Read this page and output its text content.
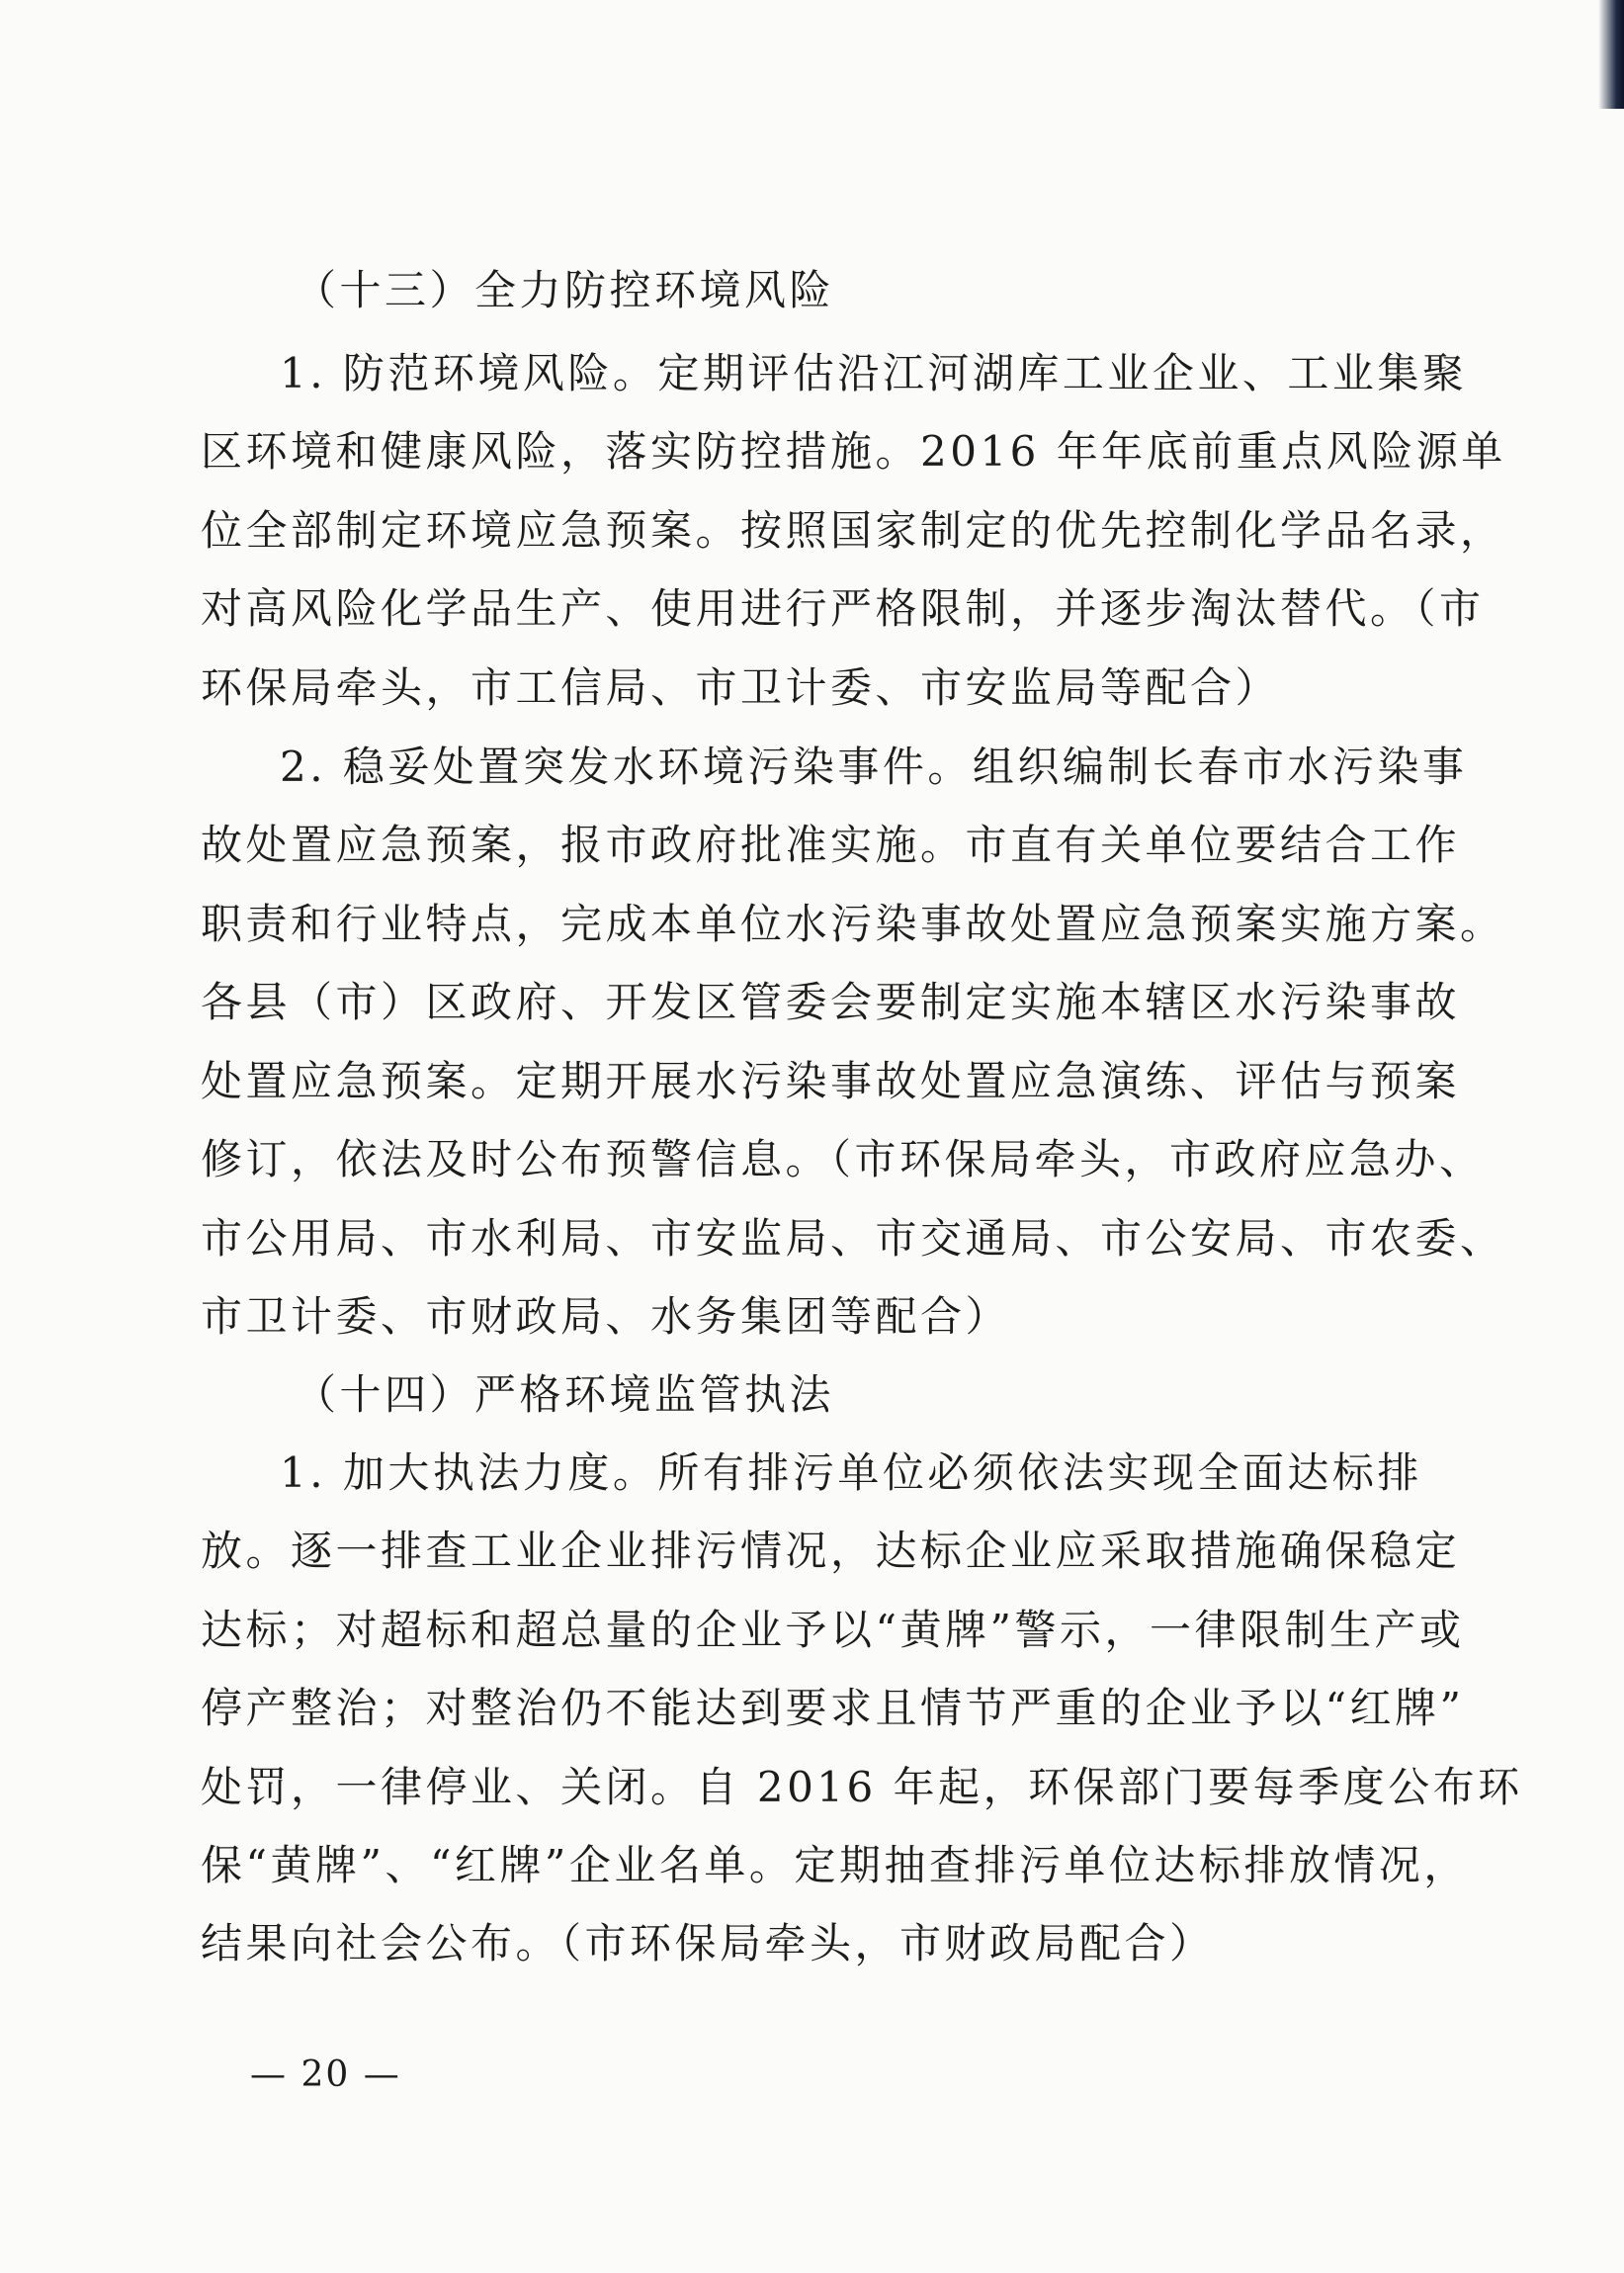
（十三）全力防控环境风险
1. 防范环境风险。定期评估沿江河湖库工业企业、工业集聚
区环境和健康风险，落实防控措施。2016 年年底前重点风险源单
位全部制定环境应急预案。按照国家制定的优先控制化学品名录，
对高风险化学品生产、使用进行严格限制，并逐步淘汰替代。（市
环保局牵头，市工信局、市卫计委、市安监局等配合）
2. 稳妥处置突发水环境污染事件。组织编制长春市水污染事
故处置应急预案，报市政府批准实施。市直有关单位要结合工作
职责和行业特点，完成本单位水污染事故处置应急预案实施方案。
各县（市）区政府、开发区管委会要制定实施本辖区水污染事故
处置应急预案。定期开展水污染事故处置应急演练、评估与预案
修订，依法及时公布预警信息。（市环保局牵头，市政府应急办、
市公用局、市水利局、市安监局、市交通局、市公安局、市农委、
市卫计委、市财政局、水务集团等配合）
（十四）严格环境监管执法
1. 加大执法力度。所有排污单位必须依法实现全面达标排
放。逐一排查工业企业排污情况，达标企业应采取措施确保稳定
达标；对超标和超总量的企业予以“黄牌”警示，一律限制生产或
停产整治；对整治仍不能达到要求且情节严重的企业予以“红牌”
处罚，一律停业、关闭。自 2016 年起，环保部门要每季度公布环
保“黄牌”、“红牌”企业名单。定期抽查排污单位达标排放情况，
结果向社会公布。（市环保局牵头，市财政局配合）
— 20 —
